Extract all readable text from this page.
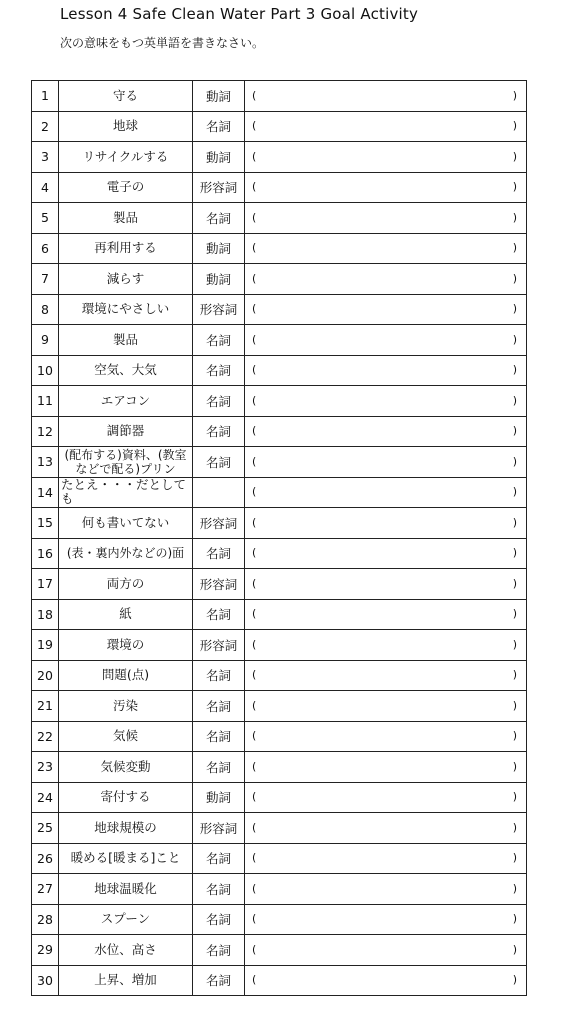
Lesson 4 Safe Clean Water Part 3 Goal Activity
次の意味をもつ英単語を書きなさい。
1	守る	動詞	( )

2	地球	名詞	( )

3	リサイクルする	動詞	( )

4	電子の	形容詞	( )

5	製品	名詞	( )

6	再利用する	動詞	( )

7	減らす	動詞	( )

8	環境にやさしい	形容詞	( )

9	製品	名詞	( )

10	空気、大気	名詞	( )

11	エアコン	名詞	( )

12	調節器	名詞	( )

13	(配布する)資料、(教室などで配る)プリン	名詞	( )

14	たとえ・・・だとしても		( )

15	何も書いてない	形容詞	( )

16	(表・裏内外などの)面	名詞	( )

17	両方の	形容詞	( )

18	紙	名詞	( )

19	環境の	形容詞	( )

20	問題(点)	名詞	( )

21	汚染	名詞	( )

22	気候	名詞	( )

23	気候変動	名詞	( )

24	寄付する	動詞	( )

25	地球規模の	形容詞	( )

26	暖める[暖まる]こと	名詞	( )

27	地球温暖化	名詞	( )

28	スプーン	名詞	( )

29	水位、高さ	名詞	( )

30	上昇、増加	名詞	( )
